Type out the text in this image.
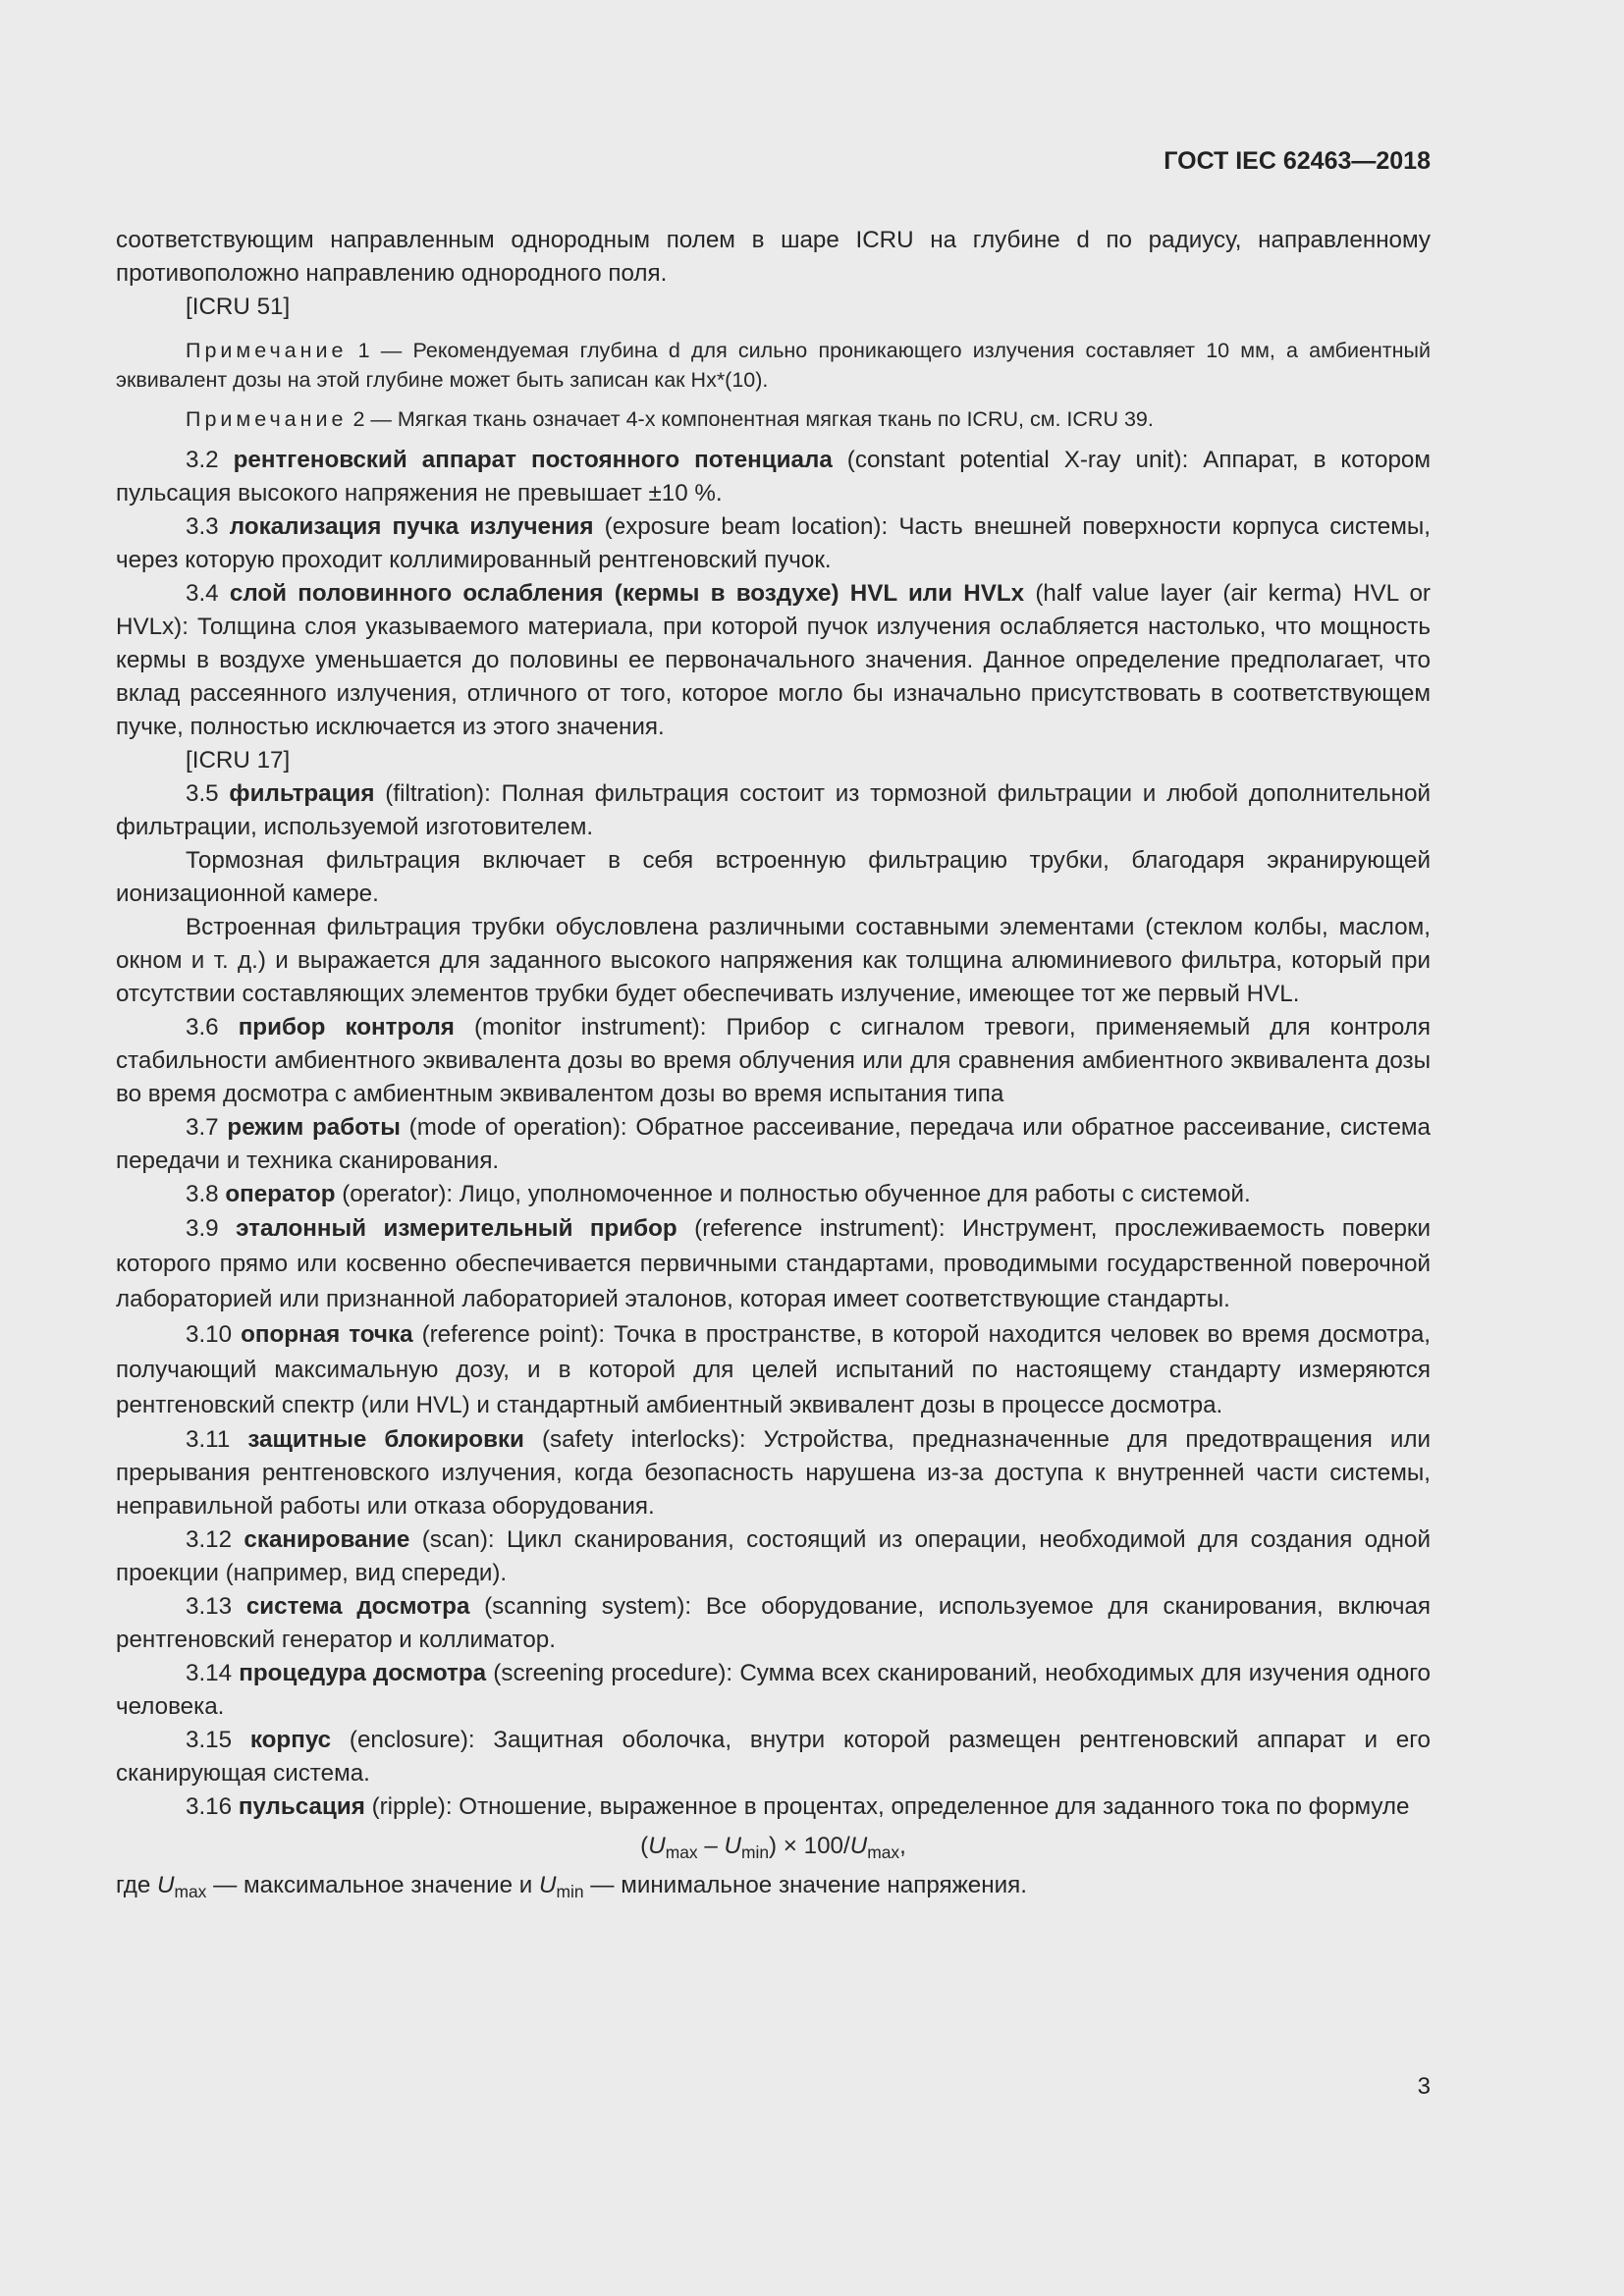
ГОСТ IEC 62463—2018

соответствующим направленным однородным полем в шаре ICRU на глубине d по радиусу, направленному противоположно направлению однородного поля.

[ICRU 51]

Примечание 1 — Рекомендуемая глубина d для сильно проникающего излучения составляет 10 мм, а амбиентный эквивалент дозы на этой глубине может быть записан как Hx*(10).

Примечание 2 — Мягкая ткань означает 4-х компонентная мягкая ткань по ICRU, см. ICRU 39.

3.2 рентгеновский аппарат постоянного потенциала (constant potential X-ray unit): Аппарат, в котором пульсация высокого напряжения не превышает ±10 %.

3.3 локализация пучка излучения (exposure beam location): Часть внешней поверхности корпуса системы, через которую проходит коллимированный рентгеновский пучок.

3.4 слой половинного ослабления (кермы в воздухе) HVL или HVLx (half value layer (air kerma) HVL or HVLx): Толщина слоя указываемого материала, при которой пучок излучения ослабляется настолько, что мощность кермы в воздухе уменьшается до половины ее первоначального значения. Данное определение предполагает, что вклад рассеянного излучения, отличного от того, которое могло бы изначально присутствовать в соответствующем пучке, полностью исключается из этого значения.

[ICRU 17]

3.5 фильтрация (filtration): Полная фильтрация состоит из тормозной фильтрации и любой дополнительной фильтрации, используемой изготовителем.

Тормозная фильтрация включает в себя встроенную фильтрацию трубки, благодаря экранирующей ионизационной камере.

Встроенная фильтрация трубки обусловлена различными составными элементами (стеклом колбы, маслом, окном и т. д.) и выражается для заданного высокого напряжения как толщина алюминиевого фильтра, который при отсутствии составляющих элементов трубки будет обеспечивать излучение, имеющее тот же первый HVL.

3.6 прибор контроля (monitor instrument): Прибор с сигналом тревоги, применяемый для контроля стабильности амбиентного эквивалента дозы во время облучения или для сравнения амбиентного эквивалента дозы во время досмотра с амбиентным эквивалентом дозы во время испытания типа

3.7 режим работы (mode of operation): Обратное рассеивание, передача или обратное рассеивание, система передачи и техника сканирования.

3.8 оператор (operator): Лицо, уполномоченное и полностью обученное для работы с системой.

3.9 эталонный измерительный прибор (reference instrument): Инструмент, прослеживаемость поверки которого прямо или косвенно обеспечивается первичными стандартами, проводимыми государственной поверочной лабораторией или признанной лабораторией эталонов, которая имеет соответствующие стандарты.

3.10 опорная точка (reference point): Точка в пространстве, в которой находится человек во время досмотра, получающий максимальную дозу, и в которой для целей испытаний по настоящему стандарту измеряются рентгеновский спектр (или HVL) и стандартный амбиентный эквивалент дозы в процессе досмотра.

3.11 защитные блокировки (safety interlocks): Устройства, предназначенные для предотвращения или прерывания рентгеновского излучения, когда безопасность нарушена из-за доступа к внутренней части системы, неправильной работы или отказа оборудования.

3.12 сканирование (scan): Цикл сканирования, состоящий из операции, необходимой для создания одной проекции (например, вид спереди).

3.13 система досмотра (scanning system): Все оборудование, используемое для сканирования, включая рентгеновский генератор и коллиматор.

3.14 процедура досмотра (screening procedure): Сумма всех сканирований, необходимых для изучения одного человека.

3.15 корпус (enclosure): Защитная оболочка, внутри которой размещен рентгеновский аппарат и его сканирующая система.

3.16 пульсация (ripple): Отношение, выраженное в процентах, определенное для заданного тока по формуле

$(U_{max} - U_{min}) \times 100/U_{max}$,

где $U_{max}$ — максимальное значение и $U_{min}$ — минимальное значение напряжения.

3
